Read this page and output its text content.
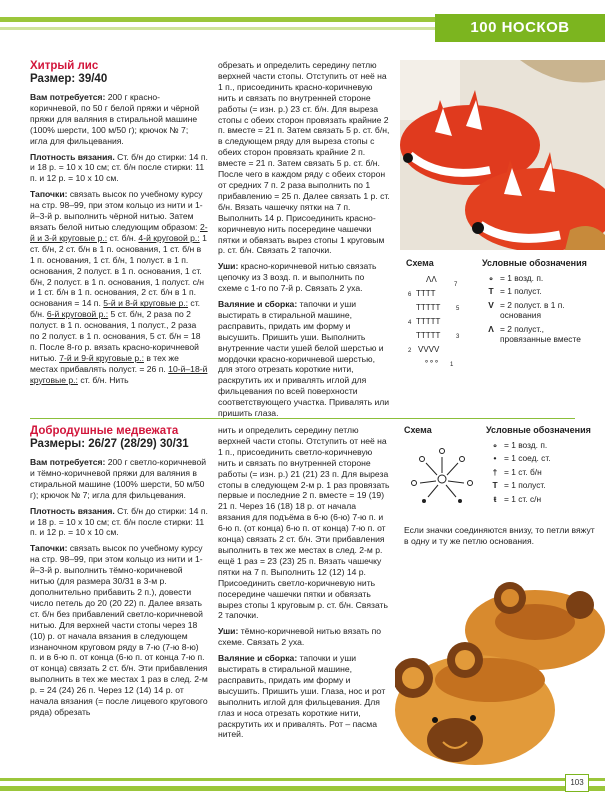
100 НОСКОВ
Хитрый лис
Размер: 39/40

Вам потребуется: 200 г красно-коричневой, по 50 г белой пряжи и чёрной пряжи для валяния в стиральной машине (100% шерсти, 100 м/50 г); крючок № 7; игла для фильцевания.

Плотность вязания. Ст. б/н до стирки: 14 п. и 18 р. = 10 х 10 см; ст. б/н после стирки: 11 п. и 12 р. = 10 х 10 см.

Тапочки: связать высок по учебному курсу на стр. 98–99, при этом кольцо из нити и 1-й–3-й р. выполнить чёрной нитью. Затем вязать белой нитью следующим образом: 2-й и 3-й круговые р.: ст. б/н. 4-й круговой р.: 1 ст. б/н, 2 ст. б/н в 1 п. основания, 1 ст. б/н в 1 п. основания, 1 ст. б/н, 1 полуст. в 1 п. основания, 2 полуст. в 1 п. основания, 1 ст. б/н, 2 полуст. в 1 п. основания, 1 полуст. с/н и 1 ст. б/н в 1 п. основания, 2 ст. б/н в 1 п. основания = 14 п. 5-й и 8-й круговые р.: ст. б/н. 6-й круговой р.: 5 ст. б/н, 2 раза по 2 полуст. в 1 п. основания, 1 полуст., 2 раза по 2 полуст. в 1 п. основания, 5 ст. б/н = 18 п. После 8-го р. вязать красно-коричневой нитью. 7-й и 9-й круговые р.: в тех же местах прибавлять полуст. = 26 п. 10-й–18-й круговые р.: ст. б/н. Нить

обрезать и определить середину петлю верхней части стопы. Отступить от неё на 1 п., присоединить красно-коричневую нить и связать по внутренней стороне работы (= изн. р.) 23 ст. б/н. Для выреза стопы с обеих сторон провязать крайние 2 п. вместе = 21 п. Затем связать 5 р. ст. б/н, в следующем ряду для выреза стопы с обеих сторон провязать крайние 2 п. вместе = 21 п. Затем связать 5 р. ст. б/н. После чего в каждом ряду с обеих сторон от средних 7 п. 2 раза выполнить по 1 прибавлению = 25 п. Далее связать 1 р. ст. б/н. Вязать чашечку пятки на 7 п. Выполнить 14 р. Присоединить красно-коричневую нить посередине чашечки пятки и обвязать вырез стопы 1 круговым р. ст. б/н. Связать 2 тапочки.

Уши: красно-коричневой нитью связать цепочку из 3 возд. п. и выполнить по схеме с 1-го по 7-й р. Связать 2 уха.

Валяние и сборка: тапочки и уши выстирать в стиральной машине, расправить, придать им форму и высушить. Пришить уши. Выполнить внутренние части ушей белой шерстью и мордочки красно-коричневой шерстью, для этого отрезать короткие нити, раскрутить их и привалять иглой для фильцевания по всей поверхности соответствующего участка. Привалять или пришить глаза.

Схема
ΛΛ
7
6 TTTT
TTTTT	5
4 TTTTT
TTTTT	3
2 VVVV
∘∘∘ 1
Условные обозначения
∘ = 1 возд. п.
T = 1 полуст.
V = 2 полуст. в 1 п. основания
Λ = 2 полуст., провязанные вместе
Добродушные медвежата
Размеры: 26/27 (28/29) 30/31

Вам потребуется: 200 г светло-коричневой и тёмно-коричневой пряжи для валяния в стиральной машине (100% шерсти, 50 м/50 г); крючок № 7; игла для фильцевания.

Плотность вязания. Ст. б/н до стирки: 14 п. и 18 р. = 10 х 10 см; ст. б/н после стирки: 11 п. и 12 р. = 10 х 10 см.

Тапочки: связать высок по учебному курсу на стр. 98–99, при этом кольцо из нити и 1-й–3-й р. выполнить тёмно-коричневой нитью (для размера 30/31 в 3-м р. дополнительно прибавить 2 п.), довести число петель до 20 (20 22) п. Далее вязать ст. б/н без прибавлений светло-коричневой нитью. Для верхней части стопы через 18 (10) р. от начала вязания в следующем изнаночном круговом ряду в 7-ю (7-ю 8-ю) п. и в 6-ю п. от конца (6-ю п. от конца 7-ю п. от конца) связать 2 ст. б/н. Эти прибавления выполнить в тех же местах 1 раз в след. 2-м р. = 24 (24) 26 п. Через 12 (14) 14 р. от начала вязания (= после лицевого кругового ряда) обрезать

нить и определить середину петлю верхней части стопы. Отступить от неё на 1 п., присоединить светло-коричневую нить и связать по внутренней стороне работы (= изн. р.) 21 (21) 23 п. Для выреза стопы в следующем 2-м р. 1 раз провязать первые и последние 2 п. вместе = 19 (19) 21 п. Через 16 (18) 18 р. от начала вязания для подъёма в 6-ю (6-ю) 7-ю п. и 6-ю п. (от конца) 6-ю п. от конца) 7-ю п. от конца) связать 2 ст. б/н. Эти прибавления выполнить в тех же местах в след. 2-м р. ещё 1 раз = 23 (23) 25 п. Вязать чашечку пятки на 7 п. Выполнить 12 (12) 14 р. Присоединить светло-коричневую нить посередине чашечки пятки и обвязать вырез стопы 1 круговым р. ст. б/н. Связать 2 тапочки.

Уши: тёмно-коричневой нитью вязать по схеме. Связать 2 уха.

Валяние и сборка: тапочки и уши выстирать в стиральной машине, расправить, придать им форму и высушить. Пришить уши. Глаза, нос и рот выполнить иглой для фильцевания. Для глаз и носа отрезать короткие нити, раскрутить их и привалять. Рот – пасма нитей.

Схема	Условные обозначения
∘ = 1 возд. п.
• = 1 соед. ст.
† = 1 ст. б/н
T = 1 полуст.
ŧ = 1 ст. с/н

Если значки соединяются внизу, то петли вяжут в одну и ту же петлю основания.

103
